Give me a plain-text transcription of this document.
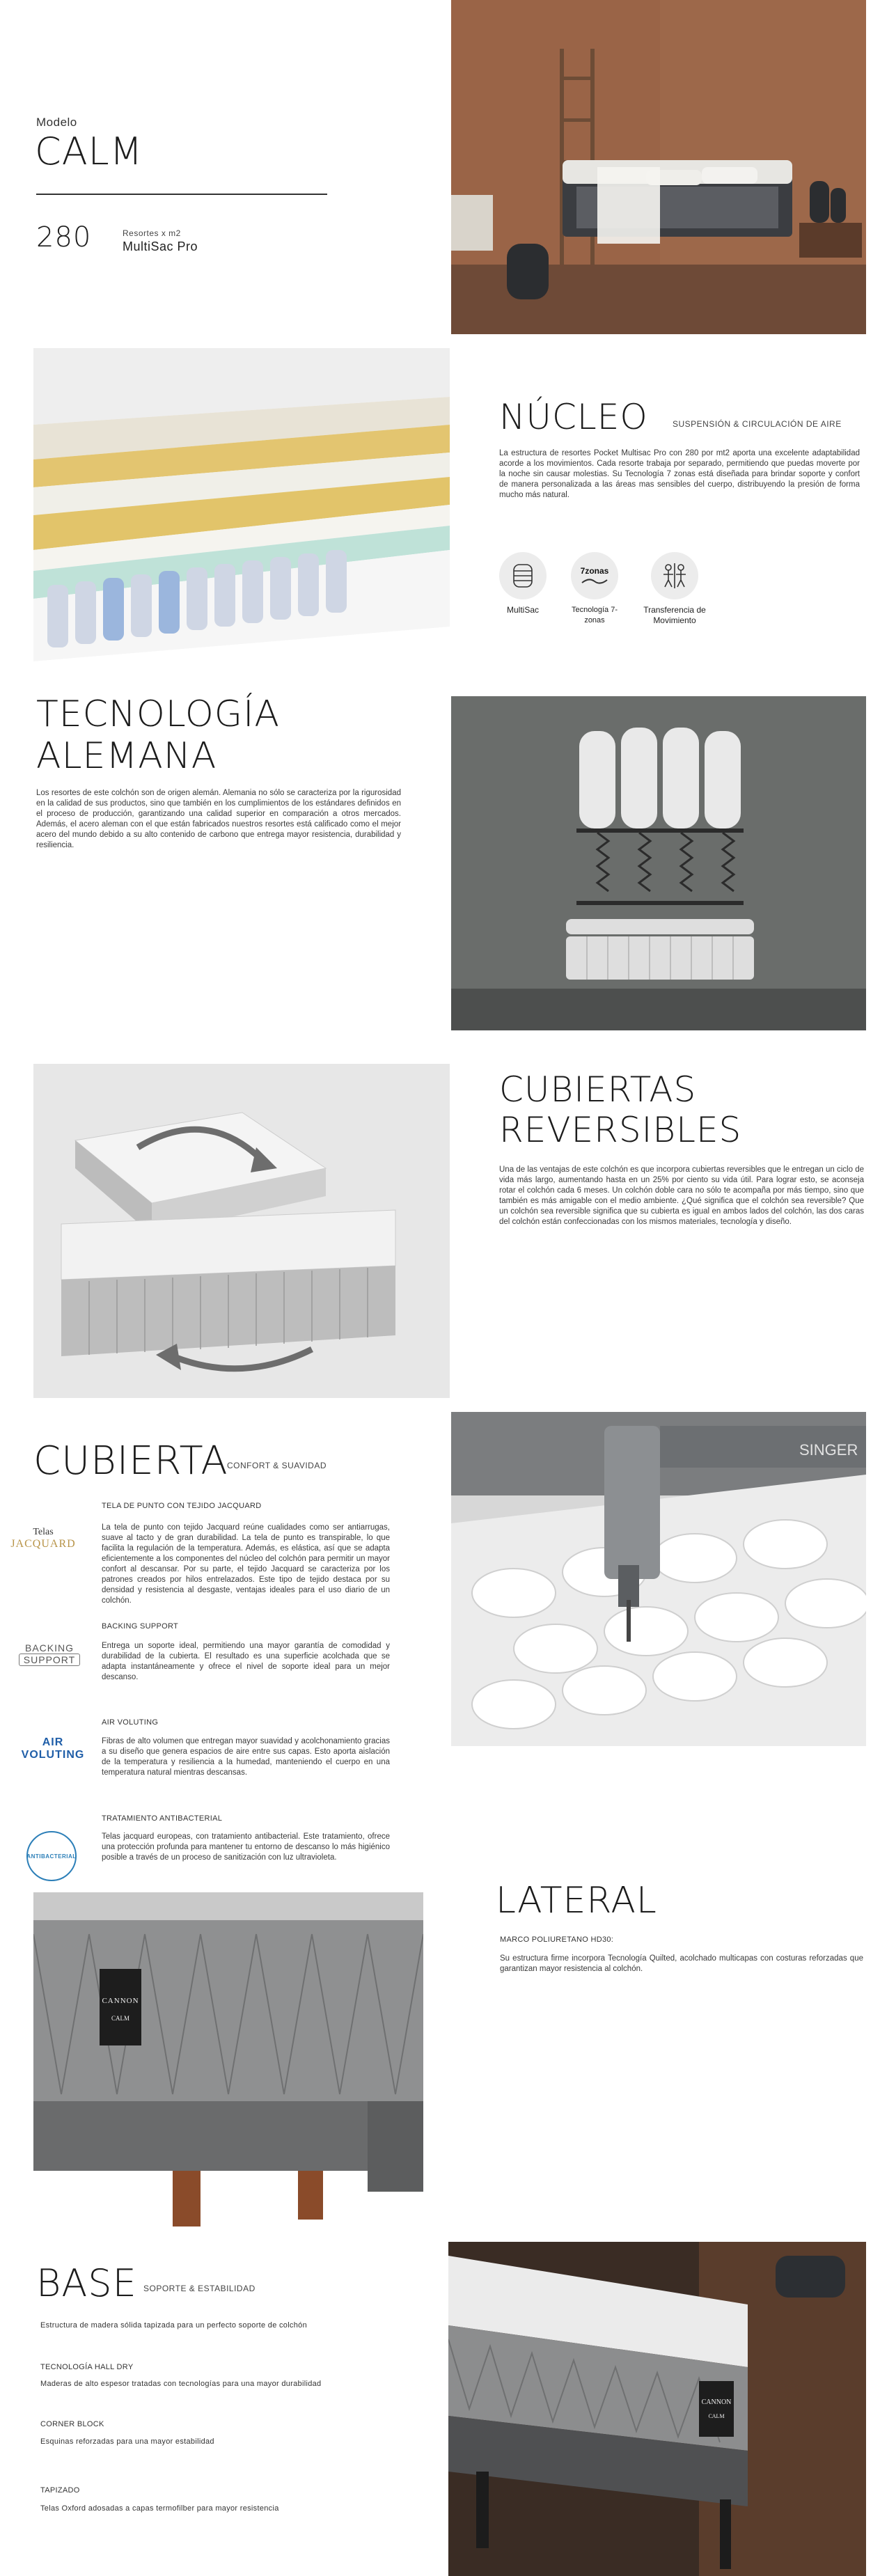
Modelo
CALM
280	Resortes x m2
MultiSac Pro
NÚCLEO	SUSPENSIÓN & CIRCULACIÓN DE AIRE
La estructura de resortes Pocket Multisac Pro con 280 por mt2 aporta una excelente adaptabilidad acorde a los movimientos. Cada resorte trabaja por separado, permitiendo que puedas moverte por la noche sin causar molestias. Su Tecnología 7 zonas está diseñada para brindar soporte y confort de manera personalizada a las áreas mas sensibles del cuerpo, distribuyendo la presión de forma mucho más natural.
MultiSac
7zonas
Tecnología 7-zonas
Transferencia de Movimiento
TECNOLOGÍA
ALEMANA
Los resortes de este colchón son de origen alemán. Alemania no sólo se caracteriza por la rigurosidad en la calidad de sus productos, sino que también en los cumplimientos de los estándares definidos en el proceso de producción, garantizando una calidad superior en comparación a otros mercados. Además, el acero aleman con el que están fabricados nuestros resortes está calificado como el mejor acero del mundo debido a su alto contenido de carbono que entrega mayor resistencia, durabilidad y resiliencia.
CUBIERTAS
REVERSIBLES
Una de las ventajas de este colchón es que incorpora cubiertas reversibles que le entregan un ciclo de vida más largo, aumentando hasta en un 25% por ciento su vida útil. Para lograr esto, se aconseja rotar el colchón cada 6 meses. Un colchón doble cara no sólo te acompaña por más tiempo, sino que también es más amigable con el medio ambiente. ¿Qué significa que el colchón sea reversible? Que un colchón sea reversible significa que su cubierta es igual en ambos lados del colchón, las dos caras del colchón están confeccionadas con los mismos materiales, tecnología y diseño.
CUBIERTA
CONFORT & SUAVIDAD
Telas
JACQUARD
TELA DE PUNTO CON TEJIDO JACQUARD
La tela de punto con tejido Jacquard reúne cualidades como ser antiarrugas, suave al tacto y de gran durabilidad. La tela de punto es transpirable, lo que facilita la regulación de la temperatura. Además, es elástica, así que se adapta eficientemente a los componentes del núcleo del colchón para permitir un mayor confort al descansar. Por su parte, el tejido Jacquard se caracteriza por los patrones creados por hilos entrelazados. Este tipo de tejido destaca por su densidad y resistencia al desgaste, ventajas ideales para el uso diario de un colchón.
BACKING
SUPPORT
BACKING SUPPORT
Entrega un soporte ideal, permitiendo una mayor garantía de comodidad y durabilidad de la cubierta. El resultado es una superficie acolchada que se adapta instantáneamente y ofrece el nivel de soporte ideal para un mejor descanso.
AIR
VOLUTING
AIR VOLUTING
Fibras de alto volumen que entregan mayor suavidad y acolchonamiento gracias a su diseño que genera espacios de aire entre sus capas. Esto aporta aislación de la temperatura y resiliencia a la humedad, manteniendo el cuerpo en una temperatura natural mientras descansas.
ANTIBACTERIAL
TRATAMIENTO ANTIBACTERIAL
Telas jacquard europeas, con tratamiento antibacterial. Este tratamiento, ofrece una protección profunda para mantener tu entorno de descanso lo más higiénico posible a través de un proceso de sanitización con luz ultravioleta.
SINGER
CANNON
CALM
LATERAL
MARCO POLIURETANO HD30:
Su estructura firme incorpora Tecnología Quilted, acolchado multicapas con costuras reforzadas que garantizan mayor resistencia al colchón.
BASE SOPORTE & ESTABILIDAD
Estructura de madera sólida tapizada para un perfecto soporte de colchón
TECNOLOGÍA HALL DRY
Maderas de alto espesor tratadas con tecnologías para una mayor durabilidad
CORNER BLOCK
Esquinas reforzadas para una mayor estabilidad
TAPIZADO
Telas Oxford adosadas a capas termofilber para mayor resistencia
CANNON
CALM
